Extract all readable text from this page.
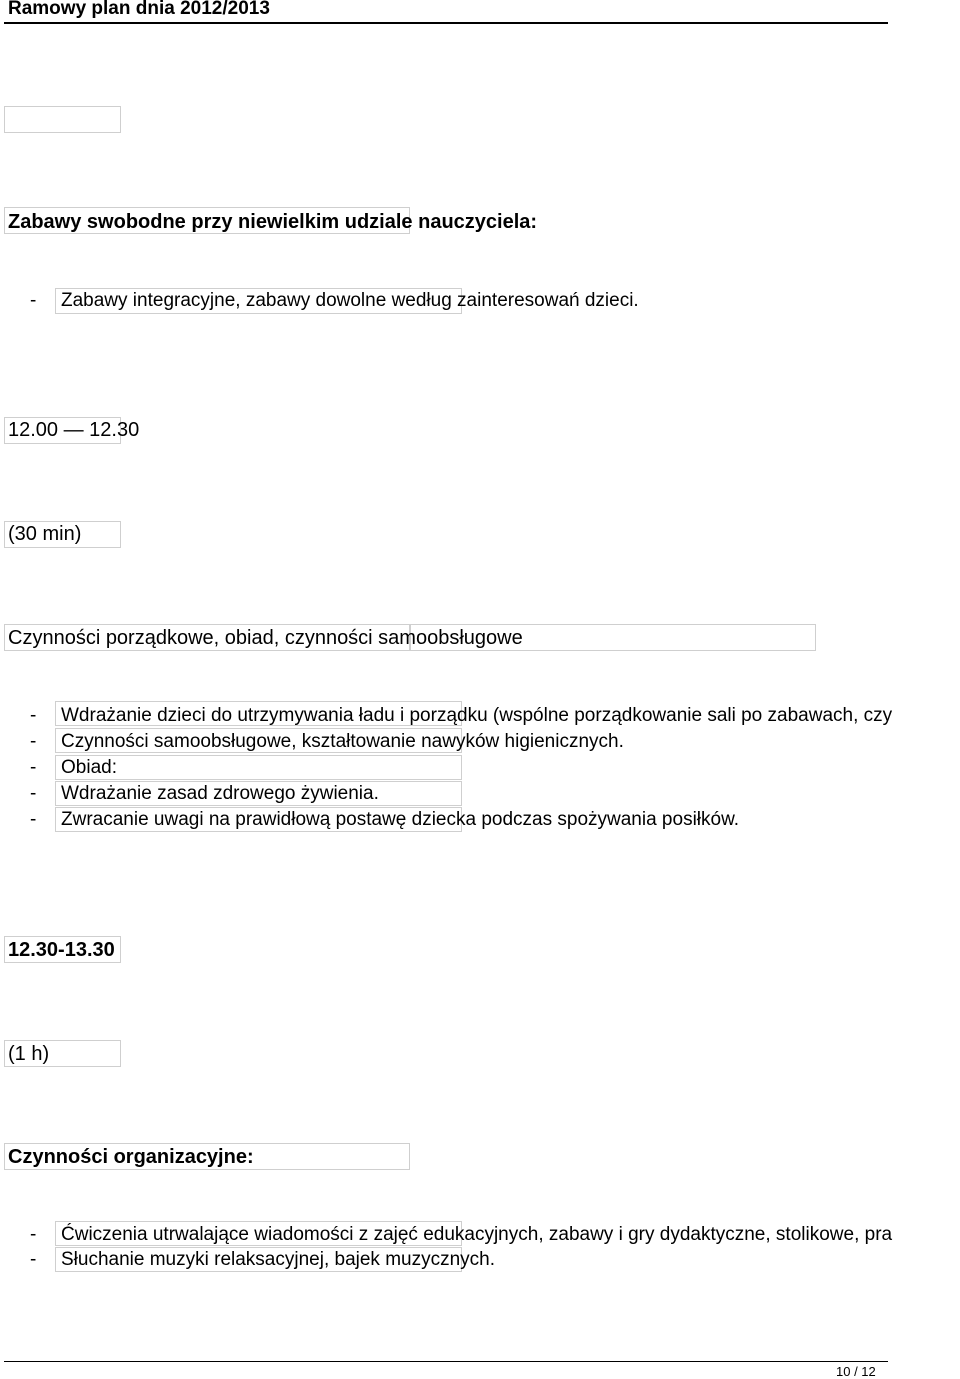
Ramowy plan dnia 2012/2013
Zabawy swobodne przy niewielkim udziale nauczyciela:
- Zabawy integracyjne, zabawy dowolne według zainteresowań dzieci.
12.00 — 12.30
(30 min)
Czynności porządkowe, obiad, czynności samoobsługowe
- Wdrażanie dzieci do utrzymywania ładu i porządku (wspólne porządkowanie sali po zabawach, czy
- Czynności samoobsługowe, kształtowanie nawyków higienicznych.
- Obiad:
- Wdrażanie zasad zdrowego żywienia.
- Zwracanie uwagi na prawidłową postawę dziecka podczas spożywania posiłków.
12.30-13.30
(1 h)
Czynności organizacyjne:
- Ćwiczenia utrwalające wiadomości z zajęć edukacyjnych, zabawy i gry dydaktyczne, stolikowe, pra
- Słuchanie muzyki relaksacyjnej, bajek muzycznych.
10 / 12
